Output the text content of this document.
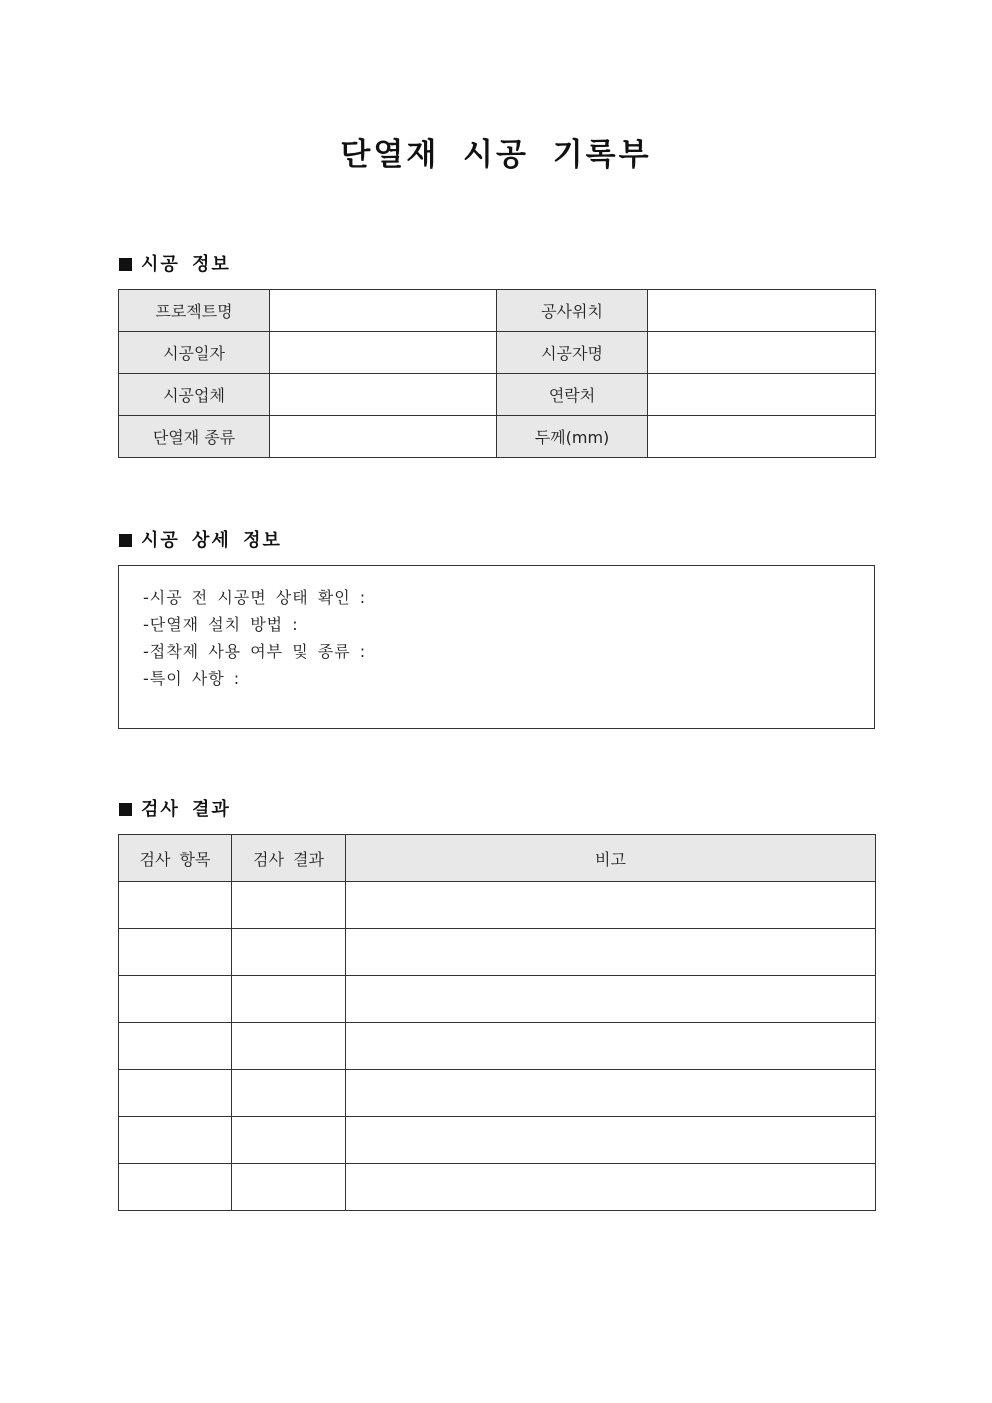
단열재 시공 기록부
시공 정보
프로젝트명		공사위치	
시공일자		시공자명	
시공업체		연락처	
단열재 종류		두께(mm)	
시공 상세 정보
-시공 전 시공면 상태 확인 :
-단열재 설치 방법 :
-접착제 사용 여부 및 종류 :
-특이 사항 :
검사 결과
검사 항목	검사 결과	비고
